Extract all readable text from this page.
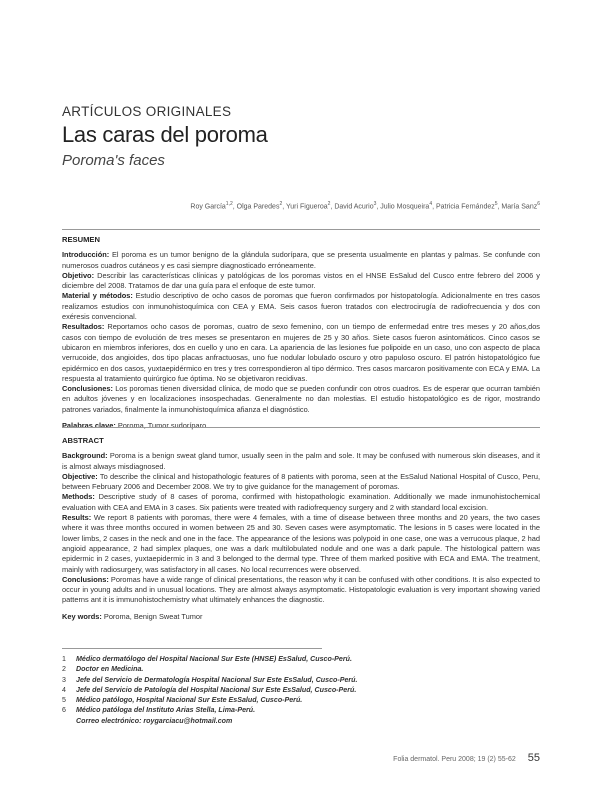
ARTÍCULOS ORIGINALES
Las caras del poroma
Poroma's faces
Roy García$^{1,2}$, Olga Paredes$^2$, Yuri Figueroa$^2$, David Acurio$^3$, Julio Mosqueira$^4$, Patricia Fernández$^5$, María Sanz$^6$
RESUMEN

Introducción: El poroma es un tumor benigno de la glándula sudorípara, que se presenta usualmente en plantas y palmas. Se confunde con numerosos cuadros cutáneos y es casi siempre diagnosticado erróneamente.

Objetivo: Describir las características clínicas y patológicas de los poromas vistos en el HNSE EsSalud del Cusco entre febrero del 2006 y diciembre del 2008. Tratamos de dar una guía para el enfoque de este tumor.

Material y métodos: Estudio descriptivo de ocho casos de poromas que fueron confirmados por histopatología. Adicionalmente en tres casos realizamos estudios con inmunohistoquímica con CEA y EMA. Seis casos fueron tratados con electrocirugía de radiofrecuencia y dos con exéresis convencional.

Resultados: Reportamos ocho casos de poromas, cuatro de sexo femenino, con un tiempo de enfermedad entre tres meses y 20 años,dos casos con tiempo de evolución de tres meses se presentaron en mujeres de 25 y 30 años. Siete casos fueron asintomáticos. Cinco casos se ubicaron en miembros inferiores, dos en cuello y uno en cara. La apariencia de las lesiones fue polipoide en un caso, uno con aspecto de placa verrucoide, dos angioides, dos tipo placas anfractuosas, uno fue nodular lobulado oscuro y otro papuloso oscuro. El patrón histopatológico fue epidérmico en dos casos, yuxtaepidérmico en tres y tres correspondieron al tipo dérmico. Tres casos marcaron positivamente con ECA y EMA. La respuesta al tratamiento quirúrgico fue óptima. No se objetivaron recidivas.

Conclusiones: Los poromas tienen diversidad clínica, de modo que se pueden confundir con otros cuadros. Es de esperar que ocurran también en adultos jóvenes y en localizaciones insospechadas. Generalmente no dan molestias. El estudio histopatológico es de rigor, mostrando patrones variados, finalmente la inmunohistoquímica afianza el diagnóstico.

Palabras clave: Poroma, Tumor sudoríparo.
ABSTRACT

Background: Poroma is a benign sweat gland tumor, usually seen in the palm and sole. It may be confused with numerous skin diseases, and it is almost always misdiagnosed.

Objective: To describe the clinical and histopathologic features of 8 patients with poroma, seen at the EsSalud National Hospital of Cusco, Peru, between February 2006 and December 2008. We try to give guidance for the management of poromas.

Methods: Descriptive study of 8 cases of poroma, confirmed with histopathologic examination. Additionally we made inmunohistochemical evaluation with CEA and EMA in 3 cases. Six patients were treated with radiofrequency surgery and 2 with standard local excision.

Results: We report 8 patients with poromas, there were 4 females, with a time of disease between three months and 20 years, the two cases where it was three months occured in women between 25 and 30. Seven cases were asymptomatic. The lesions in 5 cases were located in the lower limbs, 2 cases in the neck and one in the face. The appearance of the lesions was polypoid in one case, one was a verrucous plaque, 2 had angioid appearance, 2 had simplex plaques, one was a dark multilobulated nodule and one was a dark papule. The histological pattern was epidermic in 2 cases, yuxtaepidermic in 3 and 3 belonged to the dermal type. Three of them marked positive with ECA and EMA. The treatment, mainly with radiosurgery, was satisfactory in all cases. No local recurrences were observed.

Conclusions: Poromas have a wide range of clinical presentations, the reason why it can be confused with other conditions. It is also expected to occur in young adults and in unusual locations. They are almost always asymptomatic. Histopatologic evaluation is very important showing varied patterns ant it is immunohistochemistry what ultimately enhances the diagnostic.

Key words: Poroma, Benign Sweat Tumor
1	Médico dermatólogo del Hospital Nacional Sur Este (HNSE) EsSalud, Cusco-Perú.
2	Doctor en Medicina.
3	Jefe del Servicio de Dermatología Hospital Nacional Sur Este EsSalud, Cusco-Perú.
4	Jefe del Servicio de Patología del Hospital Nacional Sur Este EsSalud, Cusco-Perú.
5	Médico patólogo, Hospital Nacional Sur Este EsSalud, Cusco-Perú.
6	Médico patóloga del Instituto Arias Stella, Lima-Perú.
Correo electrónico: roygarciacu@hotmail.com
Folia dermatol. Peru 2008; 19 (2) 55-62 55
